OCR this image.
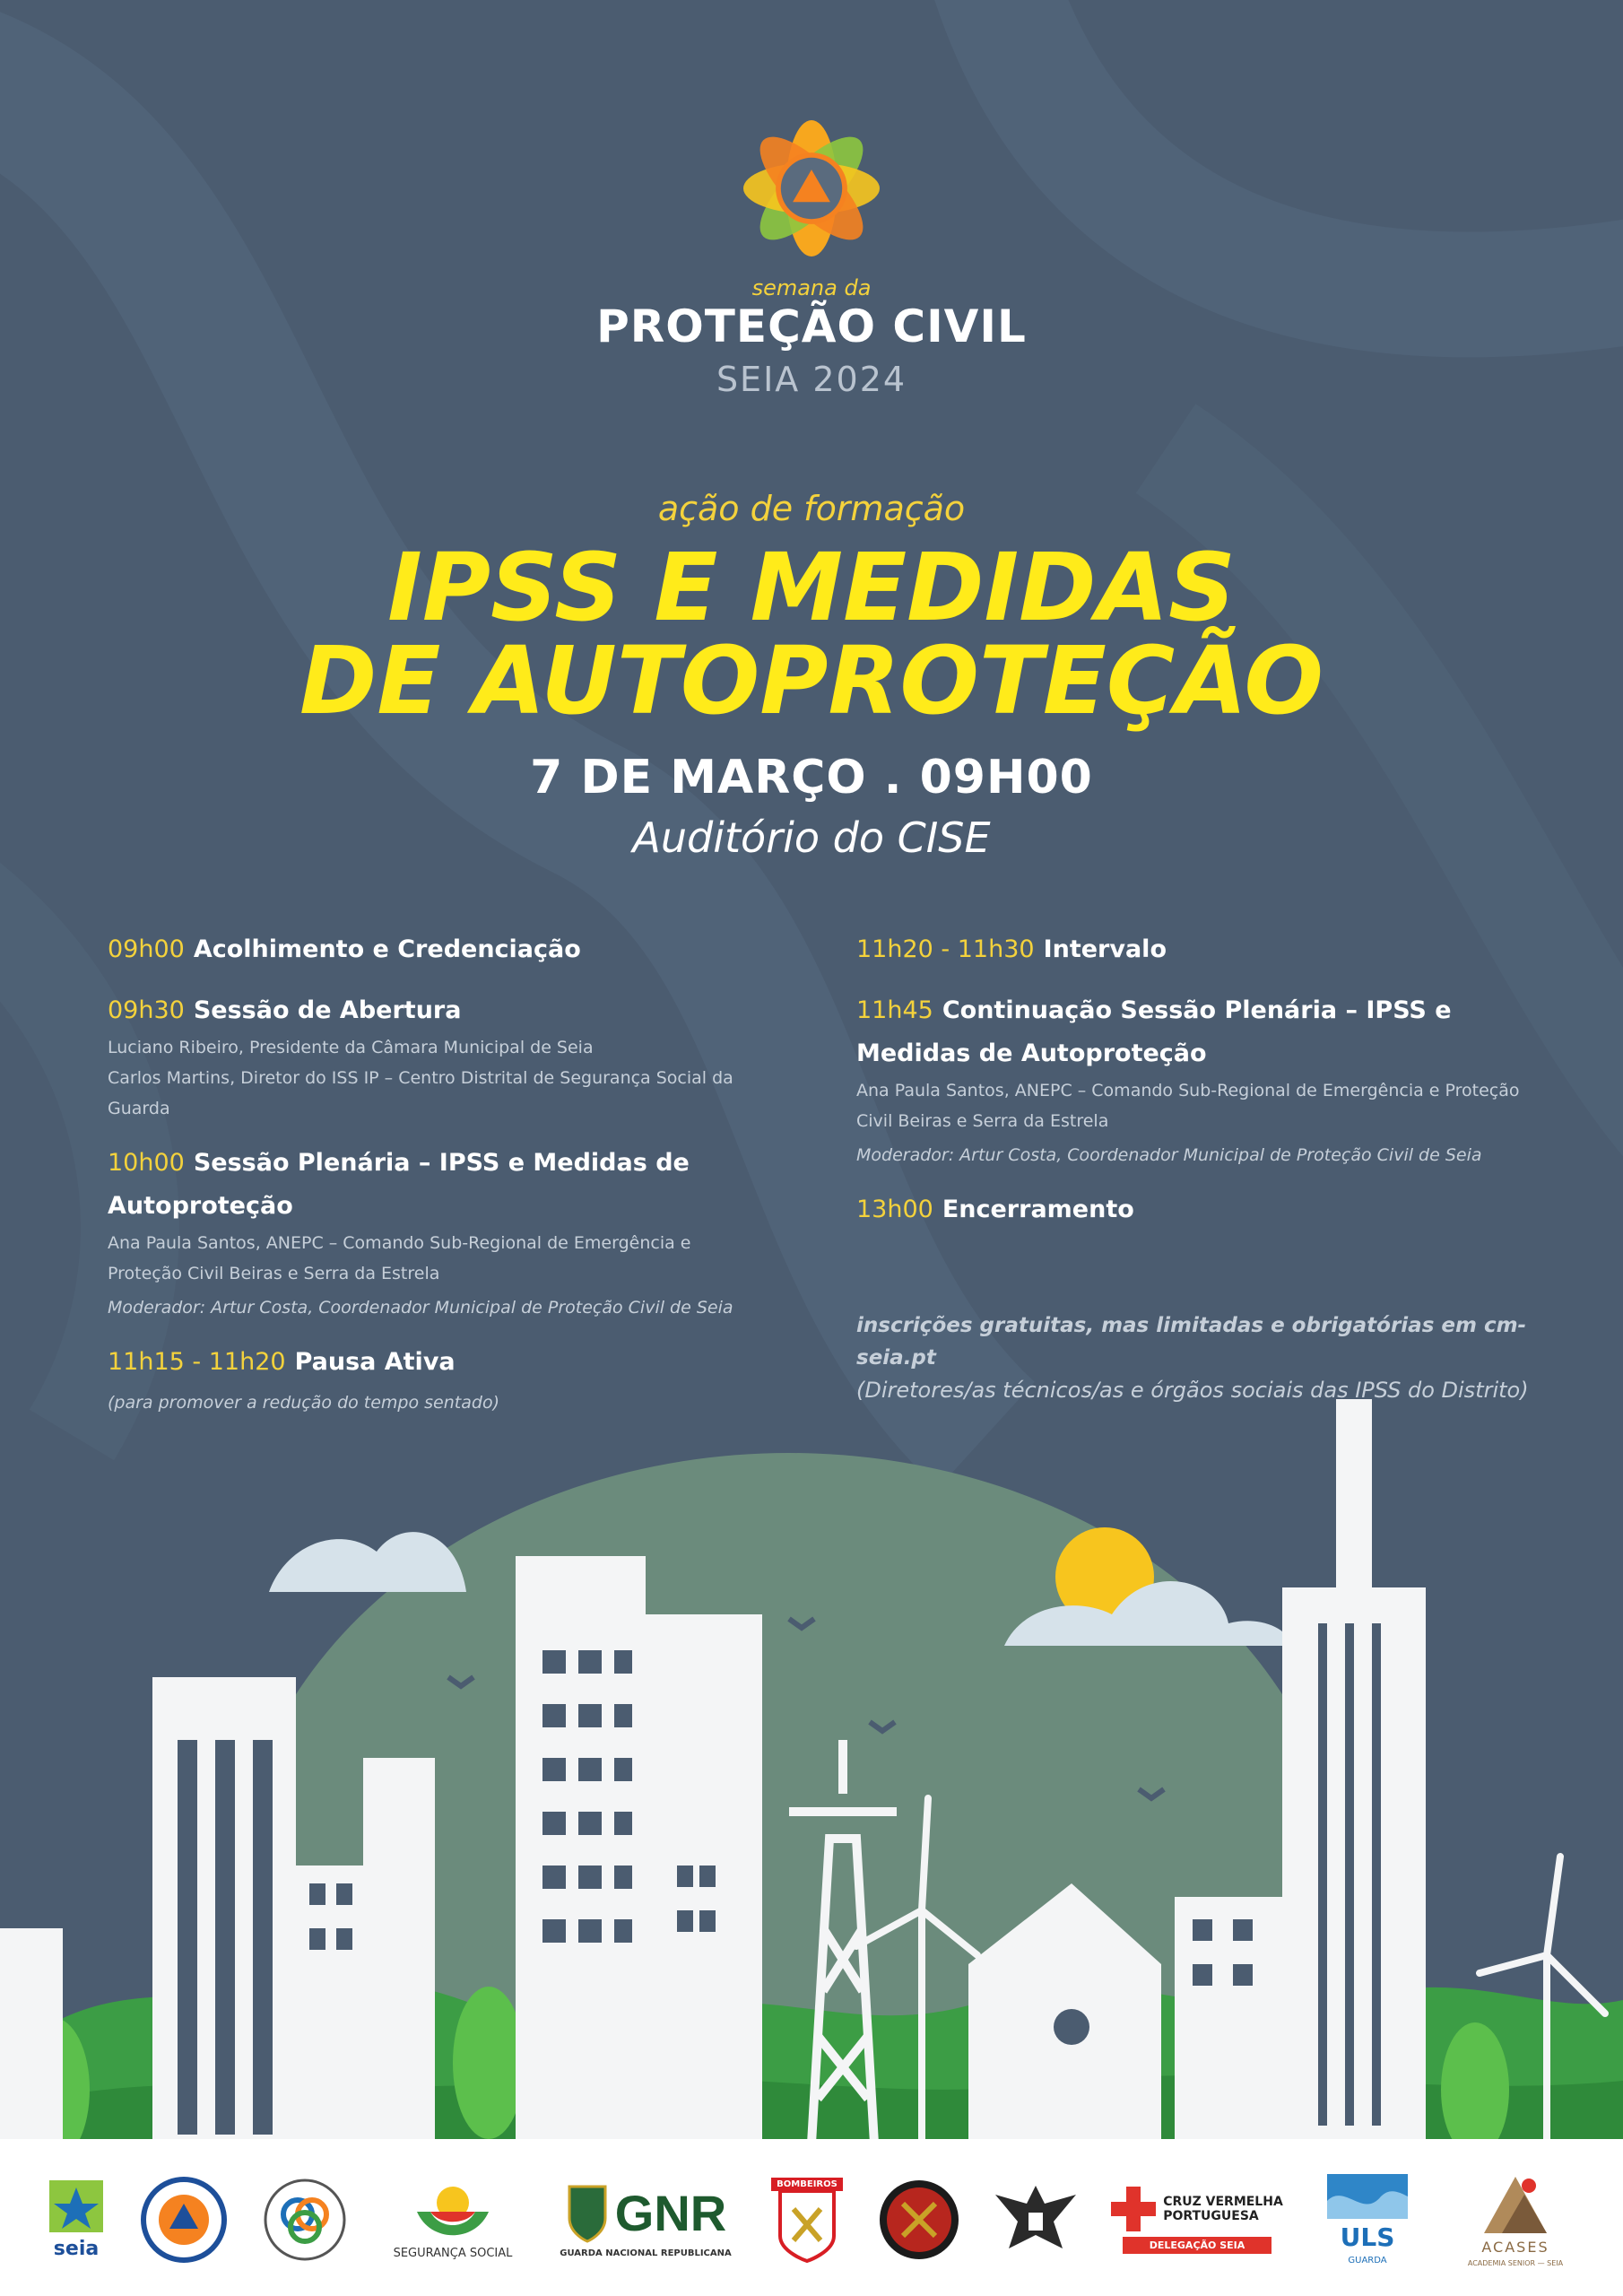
semana da
PROTEÇÃO CIVIL
SEIA 2024
ação de formação
IPSS E MEDIDAS
DE AUTOPROTEÇÃO
7 DE MARÇO . 09H00
Auditório do CISE
09h00 Acolhimento e Credenciação
09h30 Sessão de Abertura
Luciano Ribeiro, Presidente da Câmara Municipal de Seia
Carlos Martins, Diretor do ISS IP – Centro Distrital de Segurança Social da Guarda
10h00 Sessão Plenária – IPSS e Medidas de Autoproteção
Ana Paula Santos, ANEPC – Comando Sub-Regional de Emergência e Proteção Civil Beiras e Serra da Estrela
Moderador: Artur Costa, Coordenador Municipal de Proteção Civil de Seia
11h15 - 11h20 Pausa Ativa
(para promover a redução do tempo sentado)
11h20 - 11h30 Intervalo
11h45 Continuação Sessão Plenária – IPSS e Medidas de Autoproteção
Ana Paula Santos, ANEPC – Comando Sub-Regional de Emergência e Proteção Civil Beiras e Serra da Estrela
Moderador: Artur Costa, Coordenador Municipal de Proteção Civil de Seia
13h00 Encerramento
inscrições gratuitas, mas limitadas e obrigatórias em cm-seia.pt
(Diretores/as técnicos/as e órgãos sociais das IPSS do Distrito)
seia	SEGURANÇA SOCIAL
GNR
GUARDA NACIONAL REPUBLICANA
BOMBEIROS
CRUZ VERMELHA
PORTUGUESA
DELEGAÇÃO SEIA	ULS
GUARDA
ACASES
ACADEMIA SENIOR — SEIA
